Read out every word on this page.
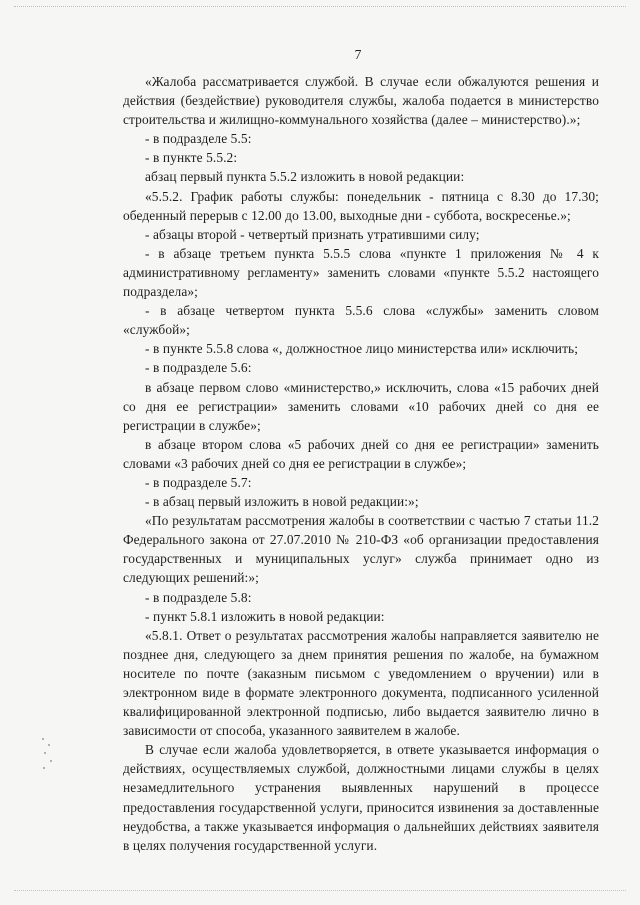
7

«Жалоба рассматривается службой. В случае если обжалуются решения и действия (бездействие) руководителя службы, жалоба подается в министерство строительства и жилищно-коммунального хозяйства (далее – министерство).»;

- в подразделе 5.5:

- в пункте 5.5.2:

абзац первый пункта 5.5.2 изложить в новой редакции:

«5.5.2. График работы службы: понедельник - пятница с 8.30 до 17.30; обеденный перерыв с 12.00 до 13.00, выходные дни - суббота, воскресенье.»;

- абзацы второй - четвертый признать утратившими силу;

- в абзаце третьем пункта 5.5.5 слова «пункте 1 приложения № 4 к административному регламенту» заменить словами «пункте 5.5.2 настоящего подраздела»;

- в абзаце четвертом пункта 5.5.6 слова «службы» заменить словом «службой»;

- в пункте 5.5.8 слова «, должностное лицо министерства или» исключить;

- в подразделе 5.6:

в абзаце первом слово «министерство,» исключить, слова «15 рабочих дней со дня ее регистрации» заменить словами «10 рабочих дней со дня ее регистрации в службе»;

в абзаце втором слова «5 рабочих дней со дня ее регистрации» заменить словами «3 рабочих дней со дня ее регистрации в службе»;

- в подразделе 5.7:

- в абзац первый изложить в новой редакции:»;

«По результатам рассмотрения жалобы в соответствии с частью 7 статьи 11.2 Федерального закона от 27.07.2010 № 210-ФЗ «об организации предоставления государственных и муниципальных услуг» служба принимает одно из следующих решений:»;

- в подразделе 5.8:

- пункт 5.8.1 изложить в новой редакции:

«5.8.1. Ответ о результатах рассмотрения жалобы направляется заявителю не позднее дня, следующего за днем принятия решения по жалобе, на бумажном носителе по почте (заказным письмом с уведомлением о вручении) или в электронном виде в формате электронного документа, подписанного усиленной квалифицированной электронной подписью, либо выдается заявителю лично в зависимости от способа, указанного заявителем в жалобе.

В случае если жалоба удовлетворяется, в ответе указывается информация о действиях, осуществляемых службой, должностными лицами службы в целях незамедлительного устранения выявленных нарушений в процессе предоставления государственной услуги, приносится извинения за доставленные неудобства, а также указывается информация о дальнейших действиях заявителя в целях получения государственной услуги.
